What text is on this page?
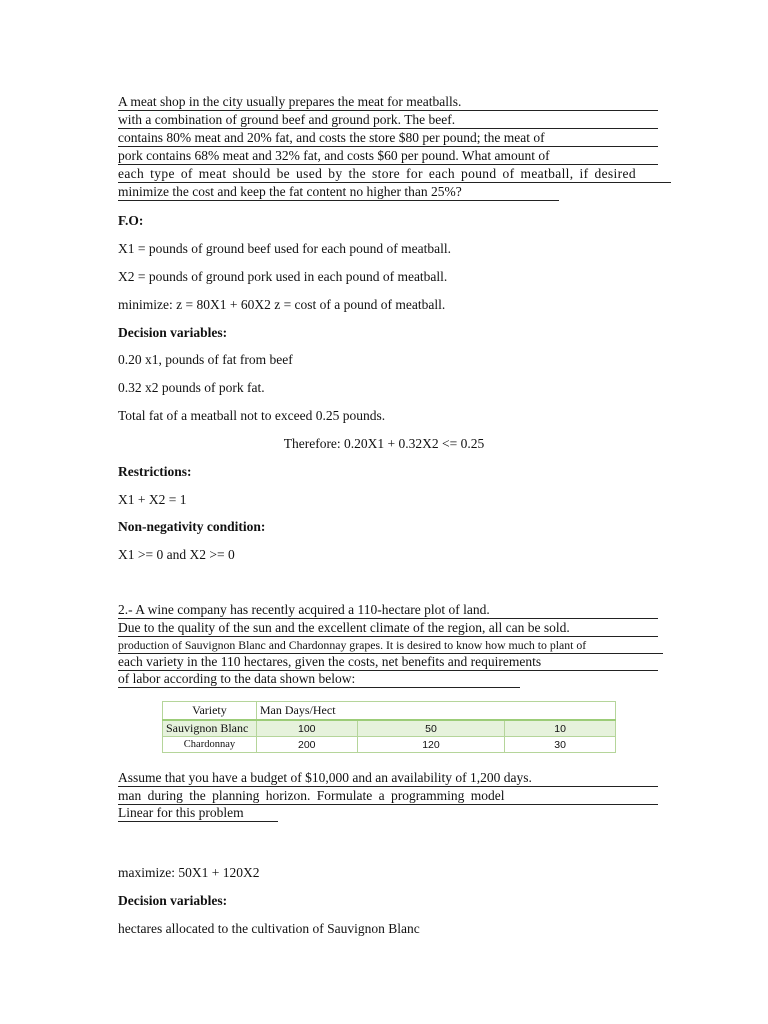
A meat shop in the city usually prepares the meat for meatballs.
with a combination of ground beef and ground pork. The beef.
contains 80% meat and 20% fat, and costs the store $80 per pound; the meat of
pork contains 68% meat and 32% fat, and costs $60 per pound. What amount of
each type of meat should be used by the store for each pound of meatball, if desired
minimize the cost and keep the fat content no higher than 25%?
F.O:
X1 = pounds of ground beef used for each pound of meatball.
X2 = pounds of ground pork used in each pound of meatball.
minimize: z = 80X1 + 60X2 z = cost of a pound of meatball.
Decision variables:
0.20 x1, pounds of fat from beef
0.32 x2 pounds of pork fat.
Total fat of a meatball not to exceed 0.25 pounds.
Therefore: 0.20X1 + 0.32X2 <= 0.25
Restrictions:
X1 + X2 = 1
Non-negativity condition:
X1 >= 0 and X2 >= 0
2.- A wine company has recently acquired a 110-hectare plot of land.
Due to the quality of the sun and the excellent climate of the region, all can be sold.
production of Sauvignon Blanc and Chardonnay grapes. It is desired to know how much to plant of
each variety in the 110 hectares, given the costs, net benefits and requirements
of labor according to the data shown below:
Variety	Man Days/Hect		
Sauvignon Blanc	100	50	10
Chardonnay	200	120	30
Assume that you have a budget of $10,000 and an availability of 1,200 days.
man during the planning horizon. Formulate a programming model
Linear for this problem
maximize: 50X1 + 120X2
Decision variables:
hectares allocated to the cultivation of Sauvignon Blanc
